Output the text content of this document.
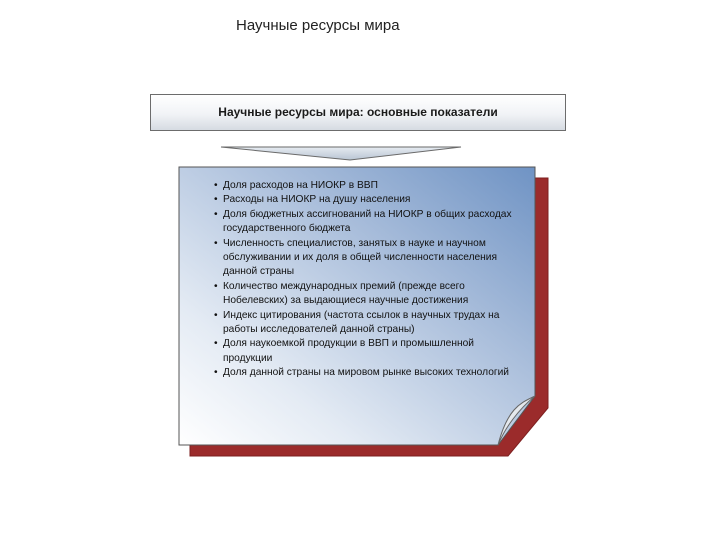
Научные ресурсы мира
Научные ресурсы мира: основные показатели
• Доля расходов на НИОКР в ВВП
• Расходы на НИОКР на душу населения
• Доля бюджетных ассигнований на НИОКР в общих расходах государственного бюджета
• Численность специалистов, занятых в науке и научном обслуживании и их доля в общей численности населения данной страны
• Количество международных премий (прежде всего Нобелевских) за выдающиеся научные достижения
• Индекс цитирования (частота ссылок в научных трудах на работы исследователей данной страны)
• Доля наукоемкой продукции в ВВП и промышленной продукции
• Доля данной страны на мировом рынке высоких технологий
